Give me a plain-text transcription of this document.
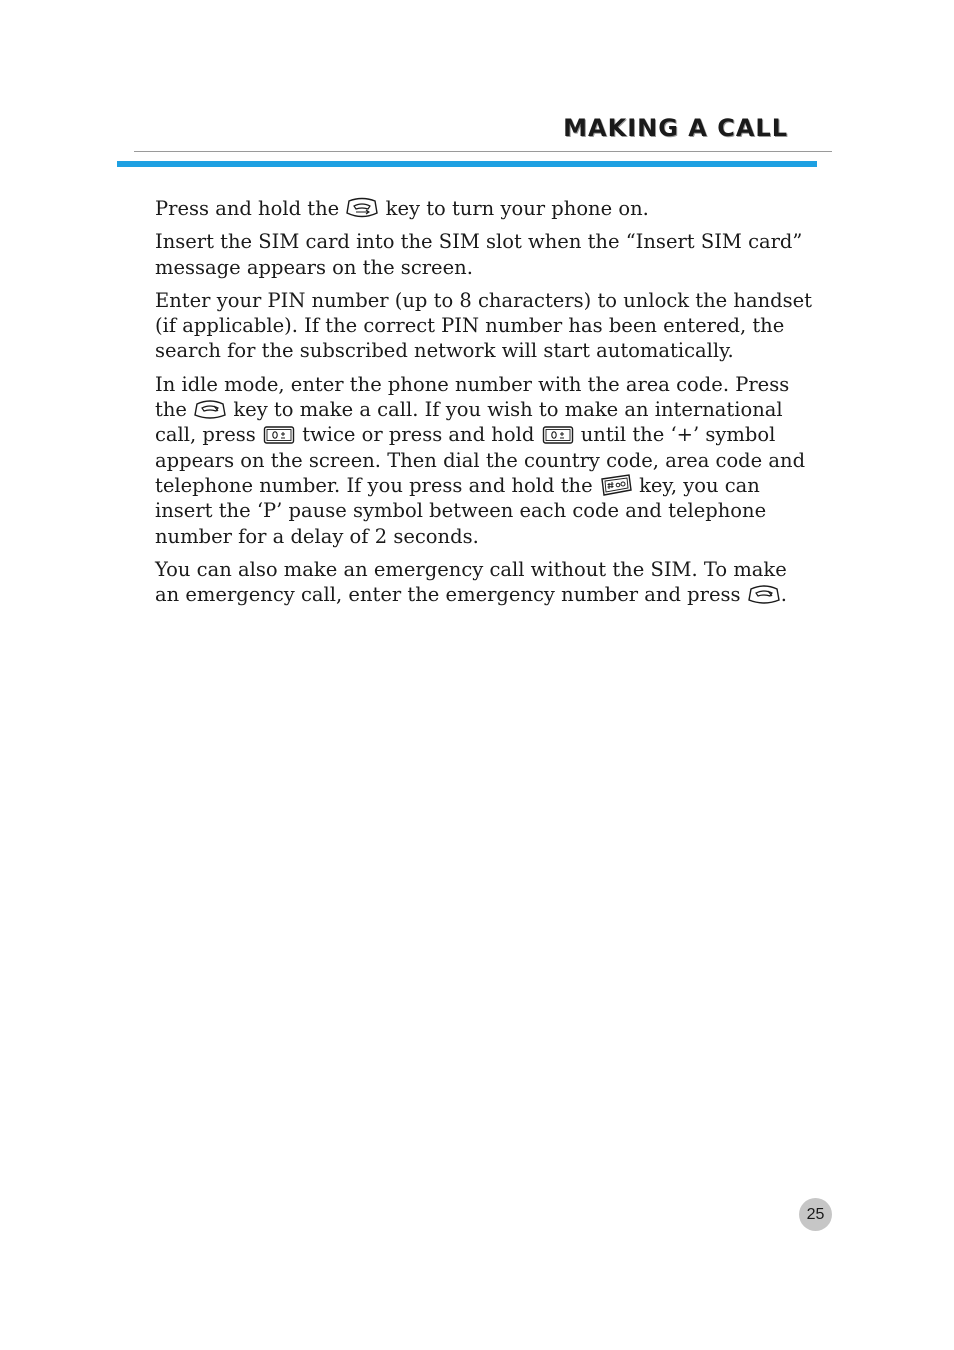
MAKING A CALL

Press and hold the key to turn your phone on.

Insert the SIM card into the SIM slot when the “Insert SIM card” message appears on the screen.

Enter your PIN number (up to 8 characters) to unlock the handset (if applicable). If the correct PIN number has been entered, the search for the subscribed network will start automatically.

In idle mode, enter the phone number with the area code. Press the key to make a call. If you wish to make an international call, press twice or press and hold until the ‘+’ symbol appears on the screen. Then dial the country code, area code and telephone number. If you press and hold the key, you can insert the ‘P’ pause symbol between each code and telephone number for a delay of 2 seconds.

You can also make an emergency call without the SIM. To make an emergency call, enter the emergency number and press .

25
